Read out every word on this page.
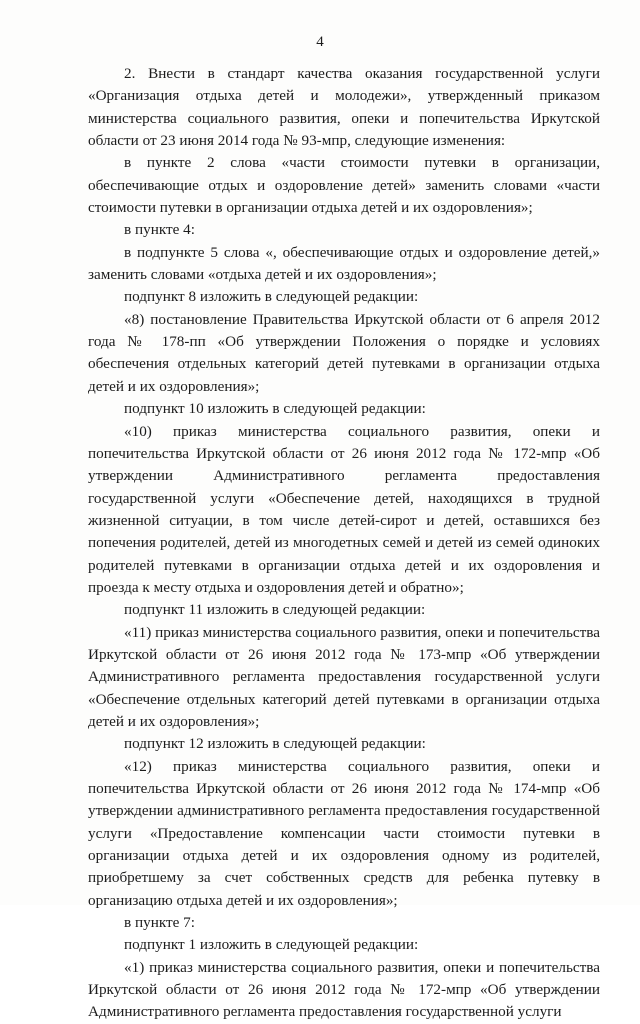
4

2. Внести в стандарт качества оказания государственной услуги «Организация отдыха детей и молодежи», утвержденный приказом министерства социального развития, опеки и попечительства Иркутской области от 23 июня 2014 года № 93-мпр, следующие изменения:

в пункте 2 слова «части стоимости путевки в организации, обеспечивающие отдых и оздоровление детей» заменить словами «части стоимости путевки в организации отдыха детей и их оздоровления»;

в пункте 4:

в подпункте 5 слова «, обеспечивающие отдых и оздоровление детей,» заменить словами «отдыха детей и их оздоровления»;

подпункт 8 изложить в следующей редакции:

«8) постановление Правительства Иркутской области от 6 апреля 2012 года № 178-пп «Об утверждении Положения о порядке и условиях обеспечения отдельных категорий детей путевками в организации отдыха детей и их оздоровления»;

подпункт 10 изложить в следующей редакции:

«10) приказ министерства социального развития, опеки и попечительства Иркутской области от 26 июня 2012 года № 172-мпр «Об утверждении Административного регламента предоставления государственной услуги «Обеспечение детей, находящихся в трудной жизненной ситуации, в том числе детей-сирот и детей, оставшихся без попечения родителей, детей из многодетных семей и детей из семей одиноких родителей путевками в организации отдыха детей и их оздоровления и проезда к месту отдыха и оздоровления детей и обратно»;

подпункт 11 изложить в следующей редакции:

«11) приказ министерства социального развития, опеки и попечительства Иркутской области от 26 июня 2012 года № 173-мпр «Об утверждении Административного регламента предоставления государственной услуги «Обеспечение отдельных категорий детей путевками в организации отдыха детей и их оздоровления»;

подпункт 12 изложить в следующей редакции:

«12) приказ министерства социального развития, опеки и попечительства Иркутской области от 26 июня 2012 года № 174-мпр «Об утверждении административного регламента предоставления государственной услуги «Предоставление компенсации части стоимости путевки в организации отдыха детей и их оздоровления одному из родителей, приобретшему за счет собственных средств для ребенка путевку в организацию отдыха детей и их оздоровления»;

в пункте 7:

подпункт 1 изложить в следующей редакции:

«1) приказ министерства социального развития, опеки и попечительства Иркутской области от 26 июня 2012 года № 172-мпр «Об утверждении Административного регламента предоставления государственной услуги
